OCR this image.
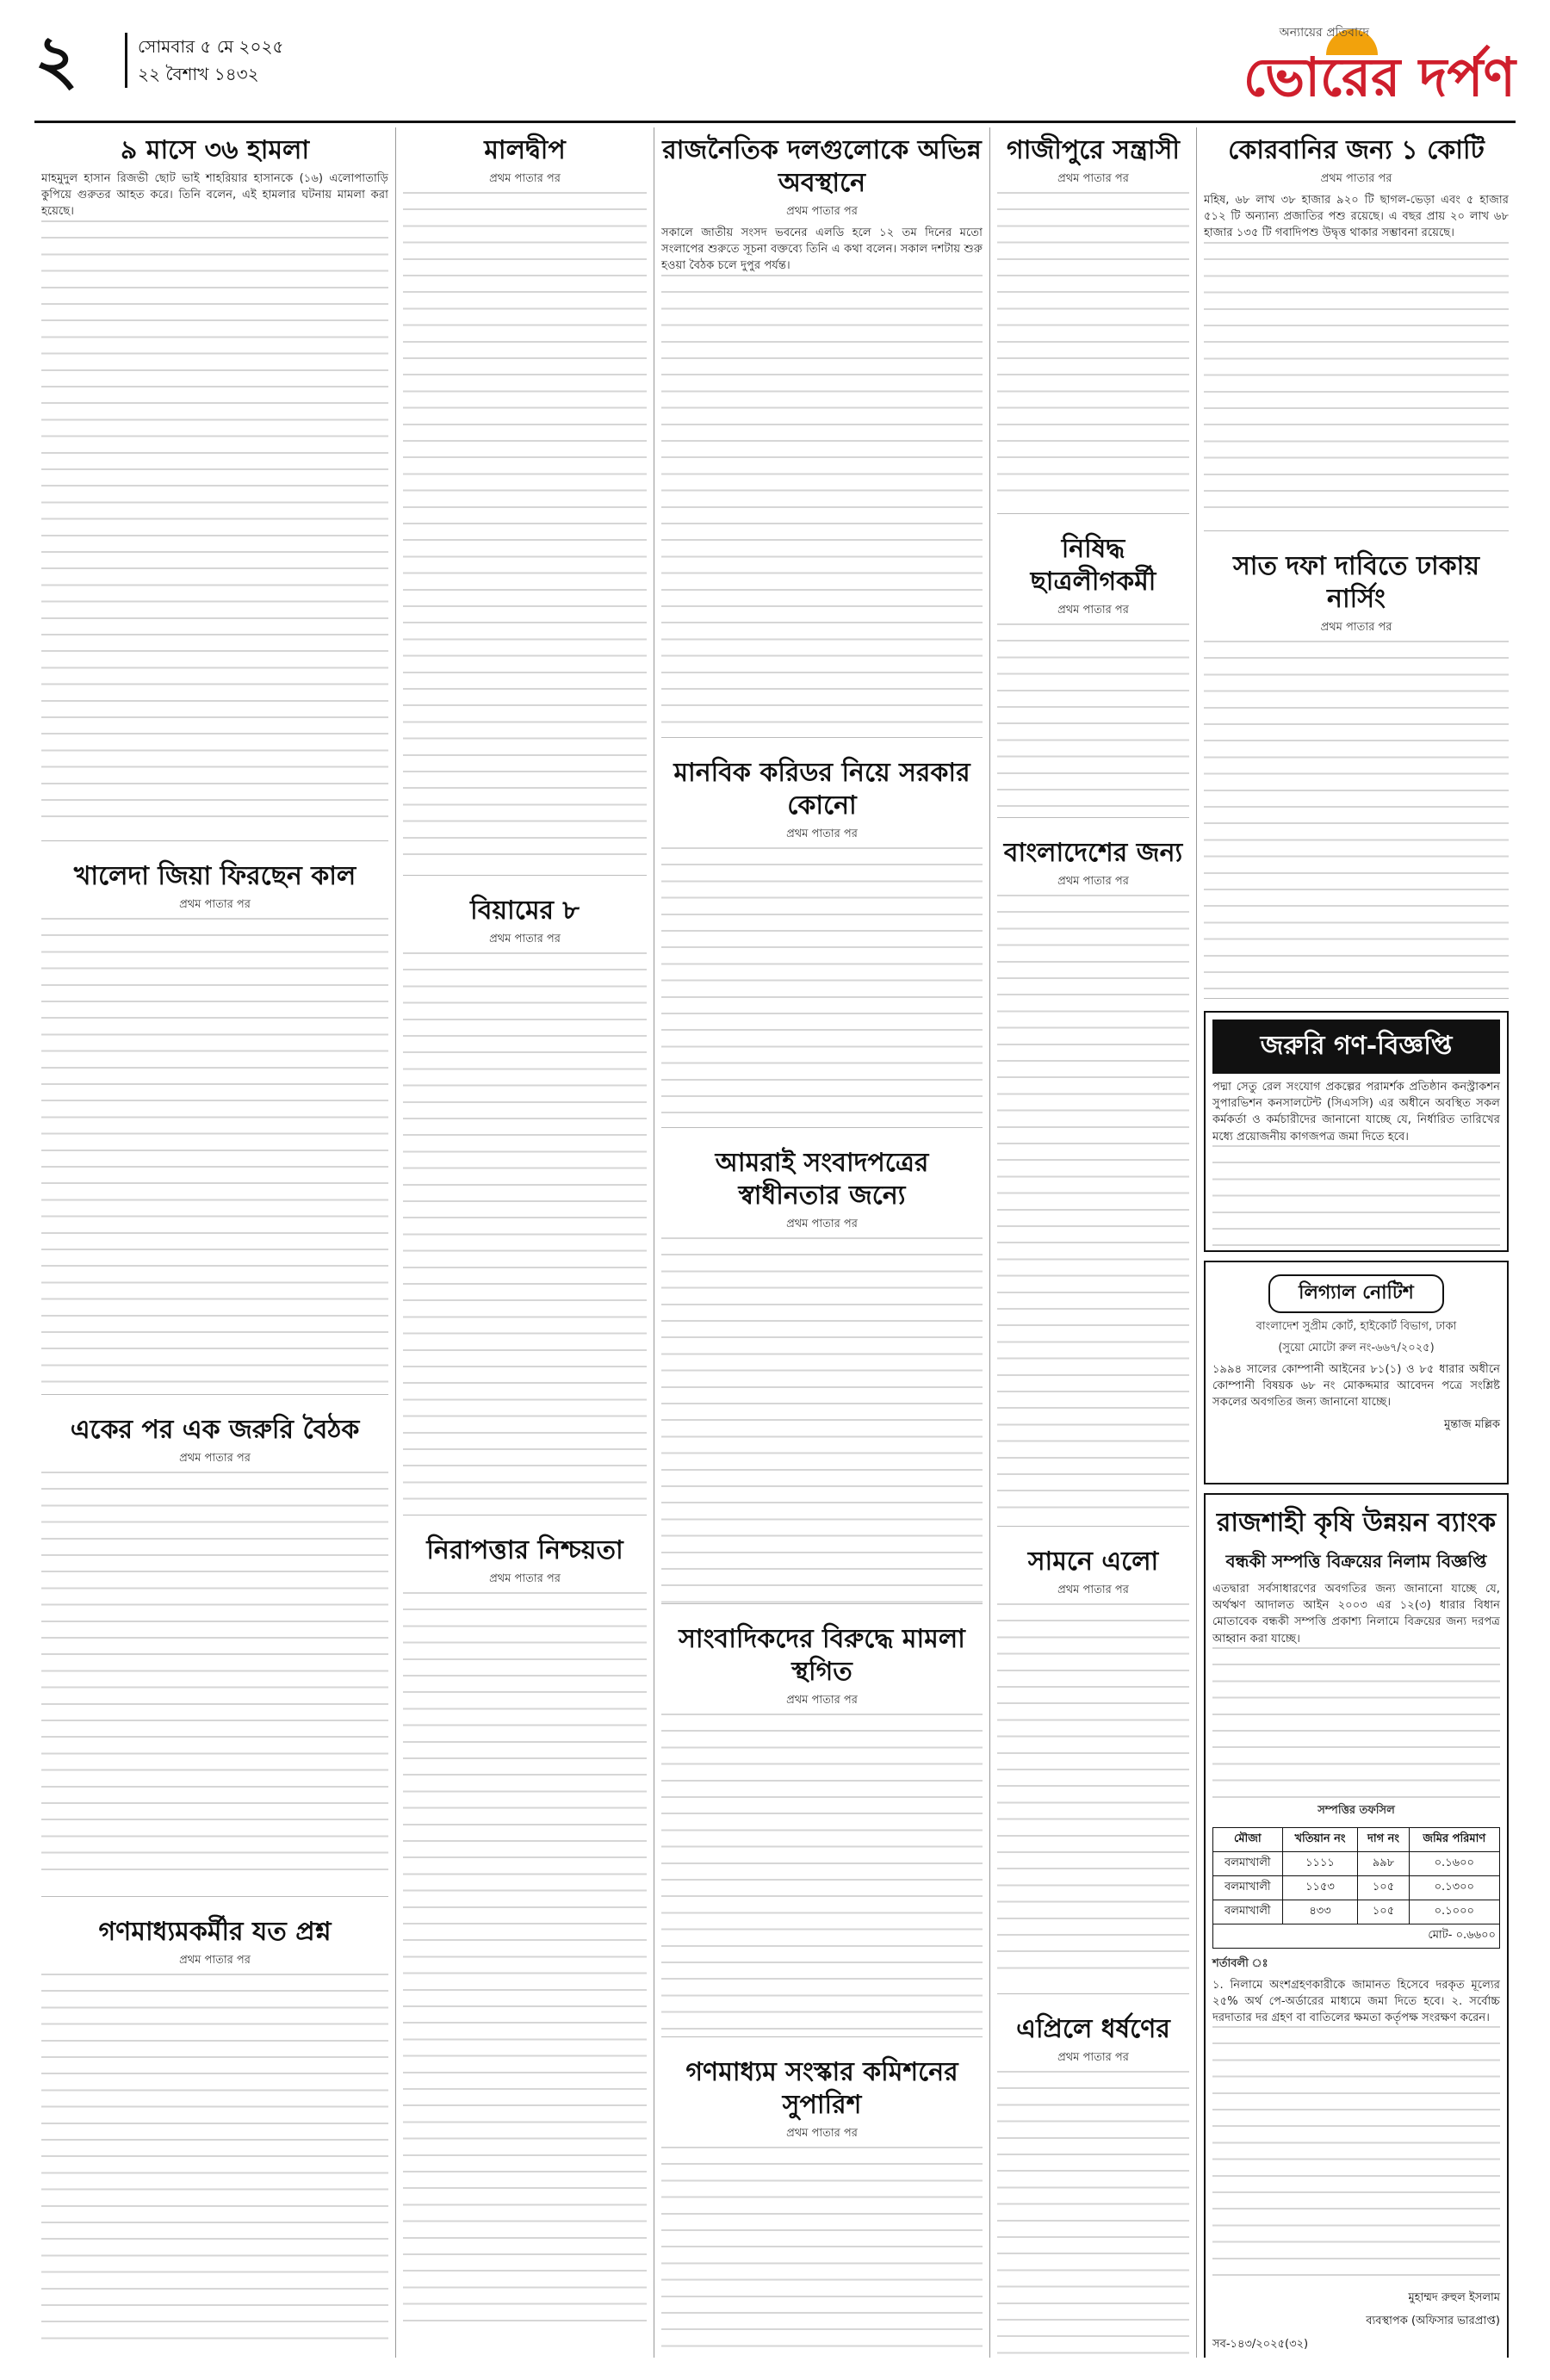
২	সোমবার ৫ মে ২০২৫
২২ বৈশাখ ১৪৩২
অন্যায়ের প্রতিবাদে
ভোরের দর্পণ
৯ মাসে ৩৬ হামলা

মাহমুদুল হাসান রিজভী ছোট ভাই শাহরিয়ার হাসানকে (১৬) এলোপাতাড়ি কুপিয়ে গুরুতর আহত করে। তিনি বলেন, এই হামলার ঘটনায় মামলা করা হয়েছে।

খালেদা জিয়া ফিরছেন কাল
প্রথম পাতার পর
একের পর এক জরুরি বৈঠক
প্রথম পাতার পর
গণমাধ্যমকর্মীর যত প্রশ্ন
প্রথম পাতার পর
মালদ্বীপ
প্রথম পাতার পর
বিয়ামের ৮
প্রথম পাতার পর
নিরাপত্তার নিশ্চয়তা
প্রথম পাতার পর
রাজনৈতিক দলগুলোকে অভিন্ন অবস্থানে
প্রথম পাতার পর

সকালে জাতীয় সংসদ ভবনের এলডি হলে ১২ তম দিনের মতো সংলাপের শুরুতে সূচনা বক্তব্যে তিনি এ কথা বলেন। সকাল দশটায় শুরু হওয়া বৈঠক চলে দুপুর পর্যন্ত।

মানবিক করিডর নিয়ে সরকার কোনো
প্রথম পাতার পর
আমরাই সংবাদপত্রের স্বাধীনতার জন্যে
প্রথম পাতার পর
সাংবাদিকদের বিরুদ্ধে মামলা স্থগিত
প্রথম পাতার পর
গণমাধ্যম সংস্কার কমিশনের সুপারিশ
প্রথম পাতার পর
গাজীপুরে সন্ত্রাসী
প্রথম পাতার পর
নিষিদ্ধ ছাত্রলীগকর্মী
প্রথম পাতার পর
বাংলাদেশের জন্য
প্রথম পাতার পর
সামনে এলো
প্রথম পাতার পর
এপ্রিলে ধর্ষণের
প্রথম পাতার পর
কোরবানির জন্য ১ কোটি
প্রথম পাতার পর

মহিষ, ৬৮ লাখ ৩৮ হাজার ৯২০ টি ছাগল-ভেড়া এবং ৫ হাজার ৫১২ টি অন্যান্য প্রজাতির পশু রয়েছে। এ বছর প্রায় ২০ লাখ ৬৮ হাজার ১৩৫ টি গবাদিপশু উদ্বৃত্ত থাকার সম্ভাবনা রয়েছে।

সাত দফা দাবিতে ঢাকায় নার্সিং
প্রথম পাতার পর
জরুরি গণ-বিজ্ঞপ্তি

পদ্মা সেতু রেল সংযোগ প্রকল্পের পরামর্শক প্রতিষ্ঠান কনস্ট্রাকশন সুপারভিশন কনসালটেন্ট (সিএসসি) এর অধীনে অবস্থিত সকল কর্মকর্তা ও কর্মচারীদের জানানো যাচ্ছে যে, নির্ধারিত তারিখের মধ্যে প্রয়োজনীয় কাগজপত্র জমা দিতে হবে।

লিগ্যাল নোটিশ
বাংলাদেশ সুপ্রীম কোর্ট, হাইকোর্ট বিভাগ, ঢাকা
(সুয়ো মোটো রুল নং-৬৬৭/২০২৫)

১৯৯৪ সালের কোম্পানী আইনের ৮১(১) ও ৮৫ ধারার অধীনে কোম্পানী বিষয়ক ৬৮ নং মোকদ্দমার আবেদন পত্রে সংশ্লিষ্ট সকলের অবগতির জন্য জানানো যাচ্ছে।

মুন্তাজ মল্লিক
রাজশাহী কৃষি উন্নয়ন ব্যাংক
বন্ধকী সম্পত্তি বিক্রয়ের নিলাম বিজ্ঞপ্তি

এতদ্বারা সর্বসাধারণের অবগতির জন্য জানানো যাচ্ছে যে, অর্থঋণ আদালত আইন ২০০৩ এর ১২(৩) ধারার বিধান মোতাবেক বন্ধকী সম্পত্তি প্রকাশ্য নিলামে বিক্রয়ের জন্য দরপত্র আহ্বান করা যাচ্ছে।

সম্পত্তির তফসিল
মৌজা	খতিয়ান নং	দাগ নং	জমির পরিমাণ
বলমাখালী	১১১১	৯৯৮	০.১৬০০
বলমাখালী	১১৫৩	১০৫	০.১৩০০
বলমাখালী	৪৩৩	১০৫	০.১০০০
মোট- ০.৬৬০০			
শর্তাবলী ঃ

১. নিলামে অংশগ্রহণকারীকে জামানত হিসেবে দরকৃত মূল্যের ২৫% অর্থ পে-অর্ডারের মাধ্যমে জমা দিতে হবে। ২. সর্বোচ্চ দরদাতার দর গ্রহণ বা বাতিলের ক্ষমতা কর্তৃপক্ষ সংরক্ষণ করেন।

মুহাম্মদ রুহুল ইসলাম
ব্যবস্থাপক (অফিসার ভারপ্রাপ্ত)
সব-১৪৩/২০২৫(৩২)
